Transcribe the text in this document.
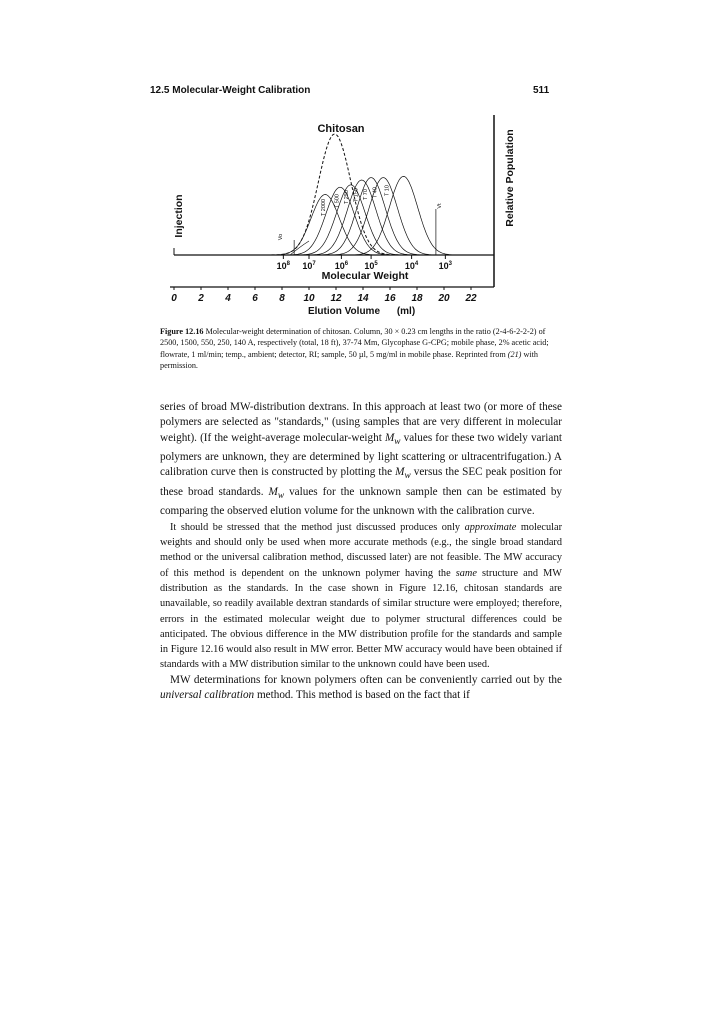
12.5 Molecular-Weight Calibration	511
Chitosan
Injection	Relative Population
T 2000 T 500 T 250 T 150 T 70 T 40 T 10
$10^8$ $10^7$ $10^6$ $10^5$	$10^4$ $10^3$
0 2 4 6 8 10 12 14 16 18 20 22
Vo
Vt
Molecular Weight
Elution Volume (ml)
Figure 12.16 Molecular-weight determination of chitosan. Column, 30 × 0.23 cm lengths in the ratio (2-4-6-2-2-2) of 2500, 1500, 550, 250, 140 A, respectively (total, 18 ft), 37-74 Mm, Glycophase G-CPG; mobile phase, 2% acetic acid; flowrate, 1 ml/min; temp., ambient; detector, RI; sample, 50 µl, 5 mg/ml in mobile phase. Reprinted from (21) with permission.

series of broad MW-distribution dextrans. In this approach at least two (or more of these polymers are selected as "standards," (using samples that are very different in molecular weight). (If the weight-average molecular-weight $M_w$ values for these two widely variant polymers are unknown, they are determined by light scattering or ultracentrifugation.) A calibration curve then is constructed by plotting the $M_w$ versus the SEC peak position for these broad standards. $M_w$ values for the unknown sample then can be estimated by comparing the observed elution volume for the unknown with the calibration curve.

It should be stressed that the method just discussed produces only approximate molecular weights and should only be used when more accurate methods (e.g., the single broad standard method or the universal calibration method, discussed later) are not feasible. The MW accuracy of this method is dependent on the unknown polymer having the same structure and MW distribution as the standards. In the case shown in Figure 12.16, chitosan standards are unavailable, so readily available dextran standards of similar structure were employed; therefore, errors in the estimated molecular weight due to polymer structural differences could be anticipated. The obvious difference in the MW distribution profile for the standards and sample in Figure 12.16 would also result in MW error. Better MW accuracy would have been obtained if standards with a MW distribution similar to the unknown could have been used.

MW determinations for known polymers often can be conveniently carried out by the universal calibration method. This method is based on the fact that if
